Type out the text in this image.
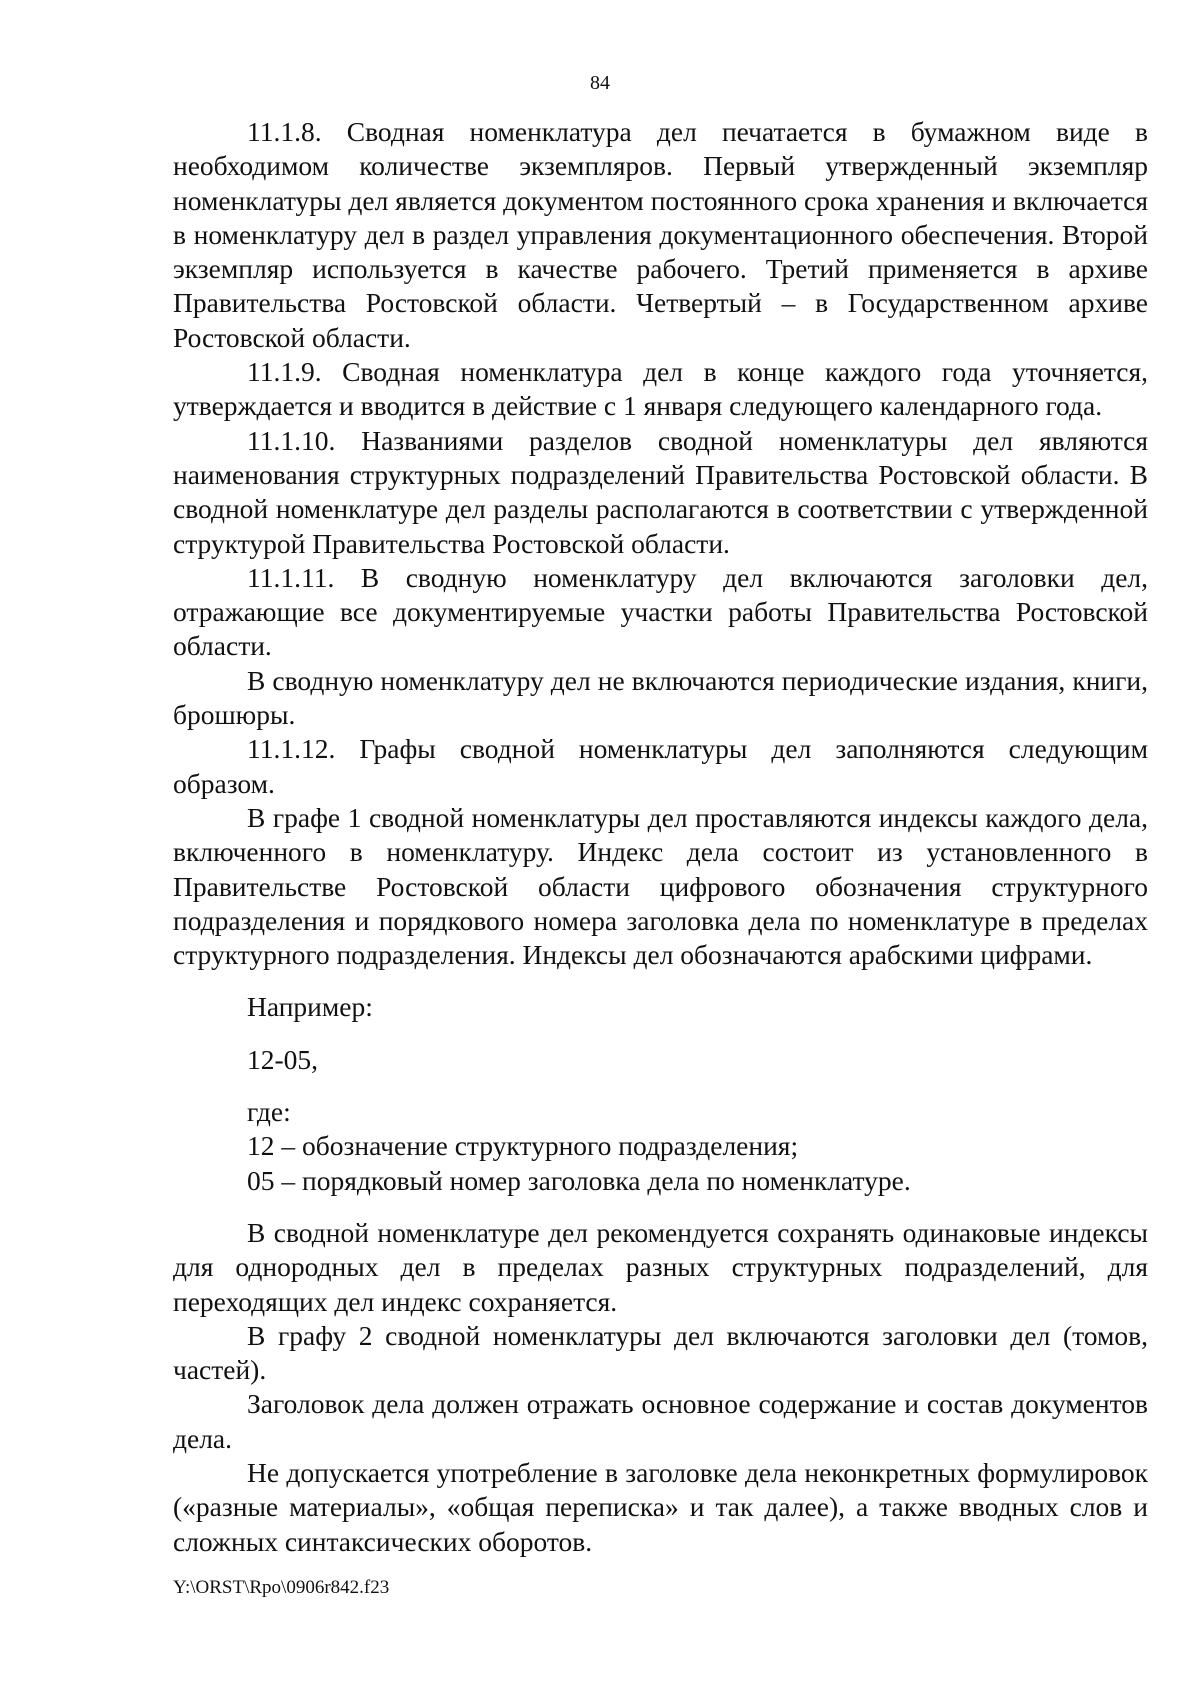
84

11.1.8. Сводная номенклатура дел печатается в бумажном виде в необходимом количестве экземпляров. Первый утвержденный экземпляр номенклатуры дел является документом постоянного срока хранения и включается в номенклатуру дел в раздел управления документационного обеспечения. Второй экземпляр используется в качестве рабочего. Третий применяется в архиве Правительства Ростовской области. Четвертый – в Государственном архиве Ростовской области.

11.1.9. Сводная номенклатура дел в конце каждого года уточняется, утверждается и вводится в действие с 1 января следующего календарного года.

11.1.10. Названиями разделов сводной номенклатуры дел являются наименования структурных подразделений Правительства Ростовской области. В сводной номенклатуре дел разделы располагаются в соответствии с утвержденной структурой Правительства Ростовской области.

11.1.11. В сводную номенклатуру дел включаются заголовки дел, отражающие все документируемые участки работы Правительства Ростовской области.

В сводную номенклатуру дел не включаются периодические издания, книги, брошюры.

11.1.12. Графы сводной номенклатуры дел заполняются следующим образом.

В графе 1 сводной номенклатуры дел проставляются индексы каждого дела, включенного в номенклатуру. Индекс дела состоит из установленного в Правительстве Ростовской области цифрового обозначения структурного подразделения и порядкового номера заголовка дела по номенклатуре в пределах структурного подразделения. Индексы дел обозначаются арабскими цифрами.

Например:

12-05,

где:

12 – обозначение структурного подразделения;

05 – порядковый номер заголовка дела по номенклатуре.

В сводной номенклатуре дел рекомендуется сохранять одинаковые индексы для однородных дел в пределах разных структурных подразделений, для переходящих дел индекс сохраняется.

В графу 2 сводной номенклатуры дел включаются заголовки дел (томов, частей).

Заголовок дела должен отражать основное содержание и состав документов дела.

Не допускается употребление в заголовке дела неконкретных формулировок («разные материалы», «общая переписка» и так далее), а также вводных слов и сложных синтаксических оборотов.

Y:\ORST\Rpo\0906r842.f23
